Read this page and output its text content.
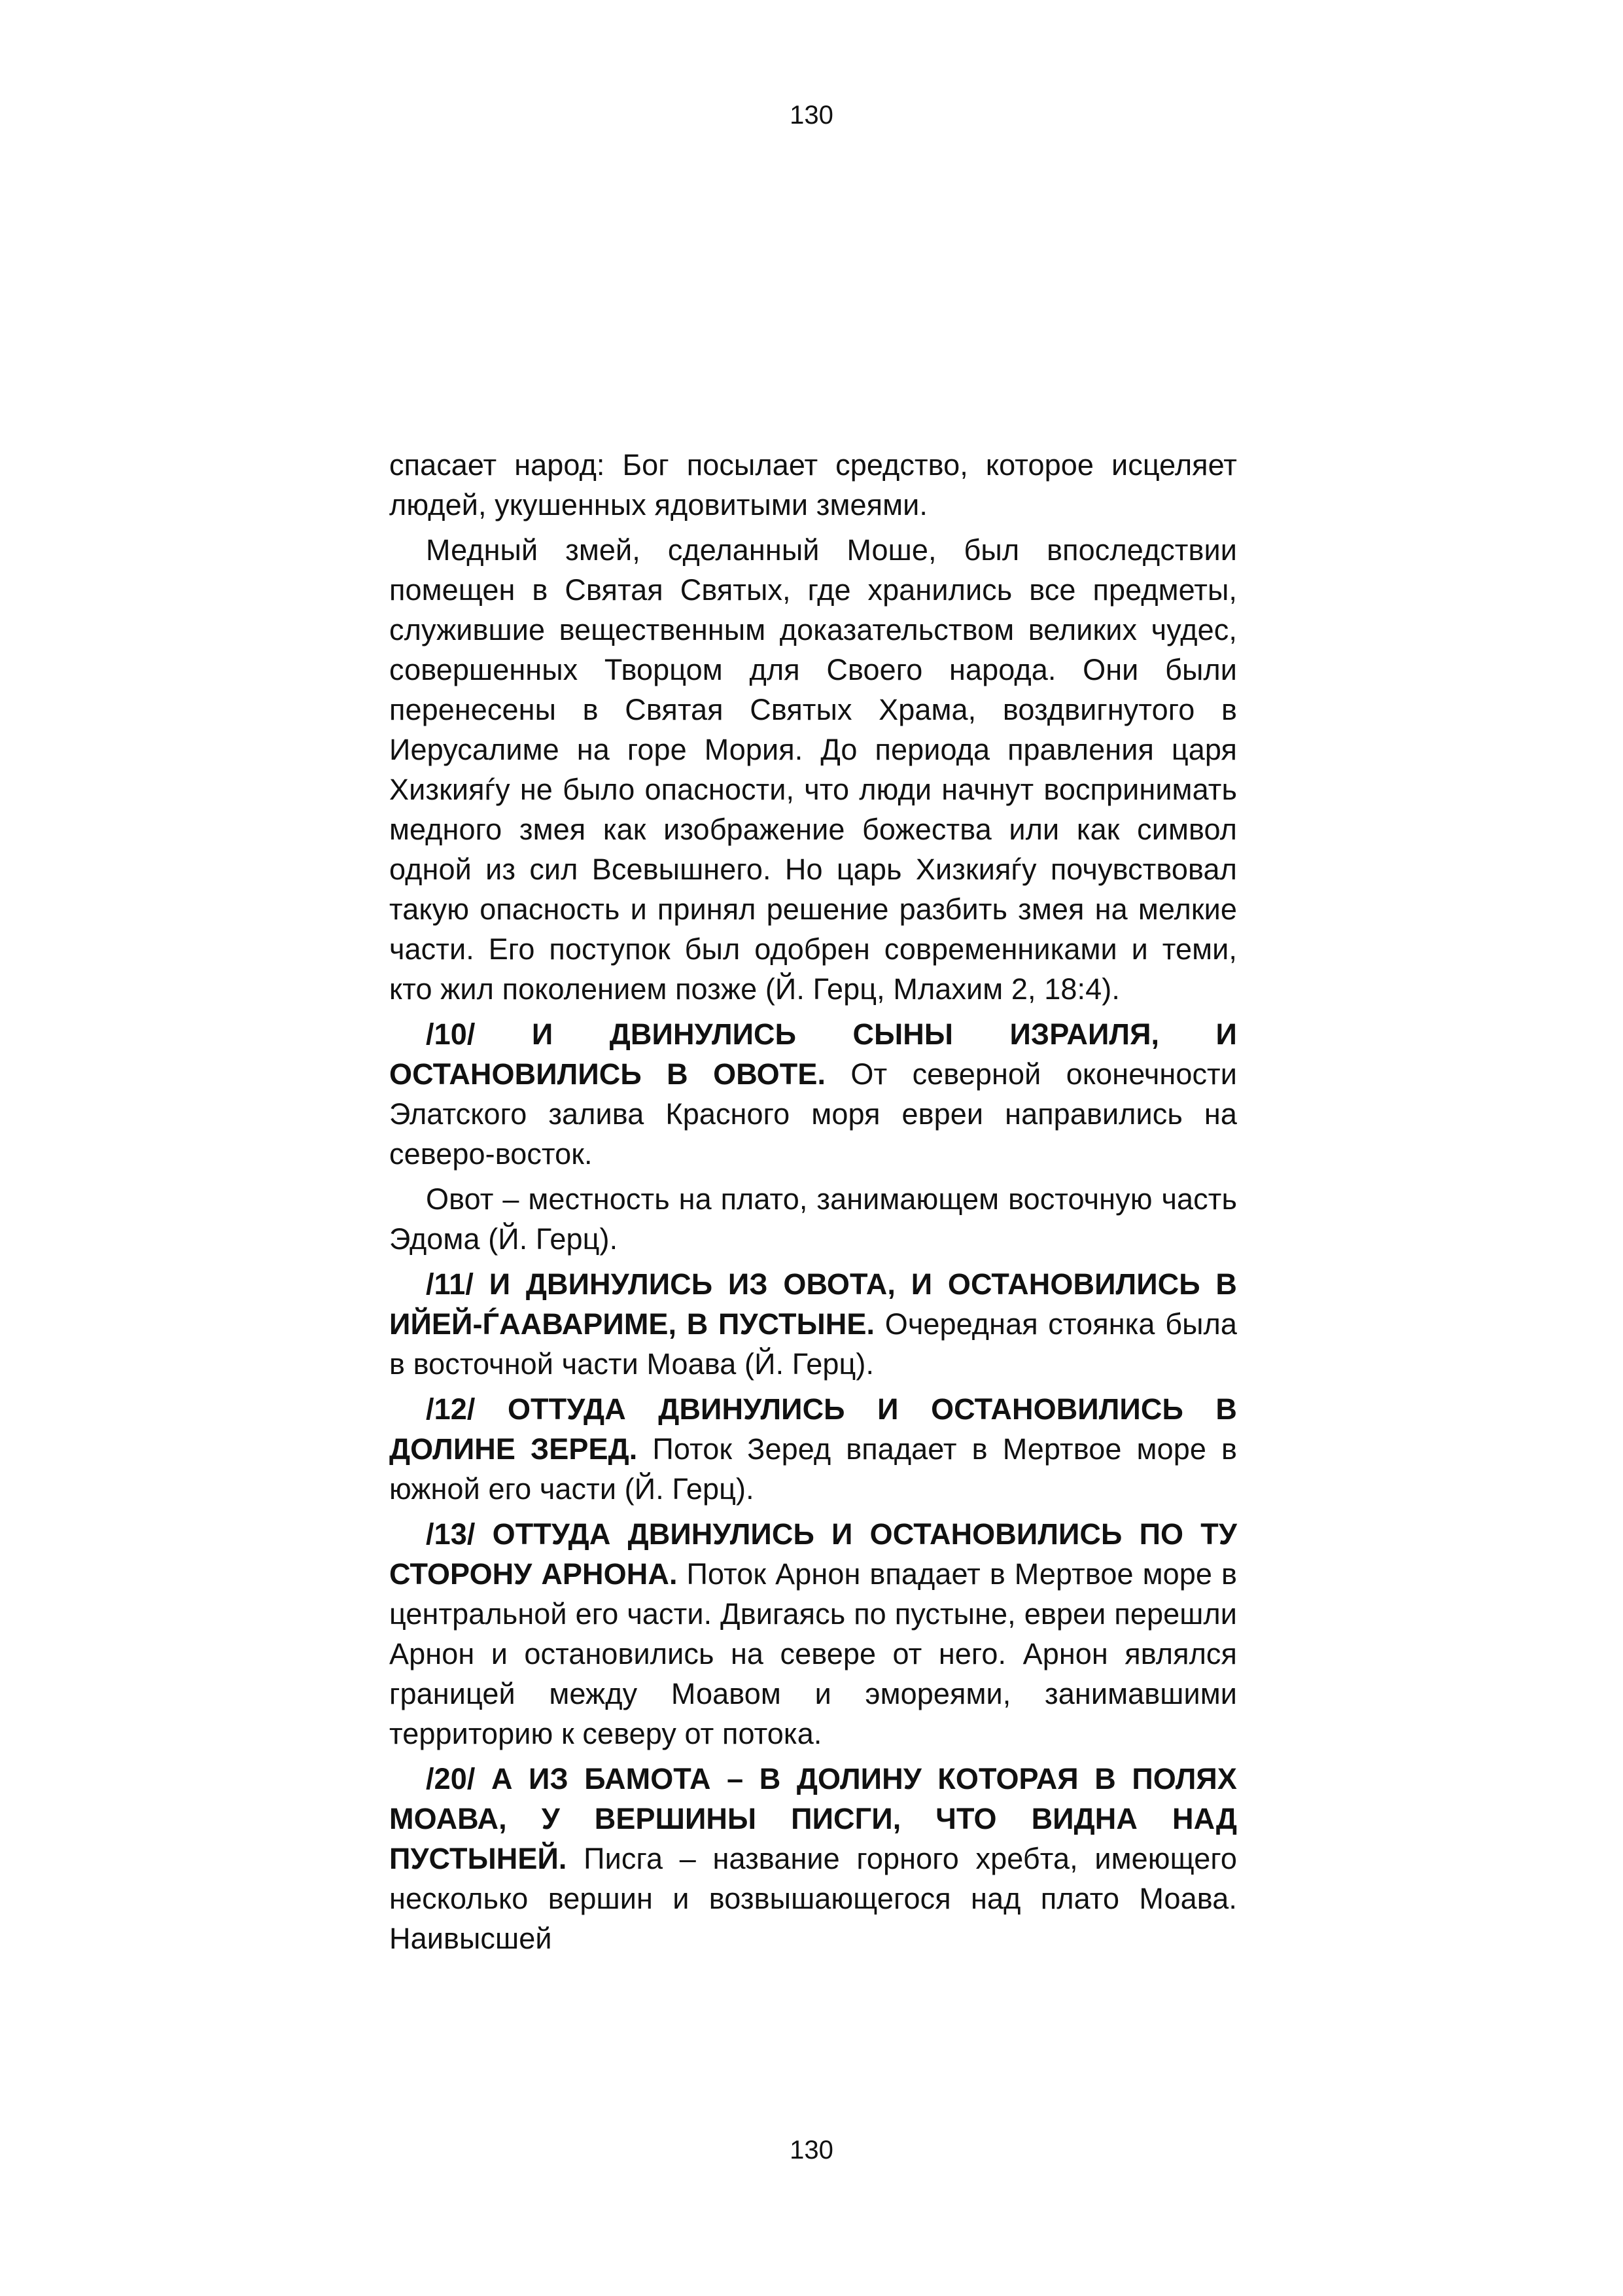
130

спасает народ: Бог посылает средство, которое исцеляет людей, укушенных ядовитыми змеями.

Медный змей, сделанный Моше, был впоследствии помещен в Святая Святых, где хранились все предметы, служившие вещественным доказательством великих чудес, совершенных Творцом для Своего народа. Они были перенесены в Святая Святых Храма, воздвигнутого в Иерусалиме на горе Мория. До периода правления царя Хизкияѓу не было опасности, что люди начнут воспринимать медного змея как изображение божества или как символ одной из сил Всевышнего. Но царь Хизкияѓу почувствовал такую опасность и принял решение разбить змея на мелкие части. Его поступок был одобрен современниками и теми, кто жил поколением позже (Й. Герц, Млахим 2, 18:4).

/10/ И ДВИНУЛИСЬ СЫНЫ ИЗРАИЛЯ, И ОСТАНОВИЛИСЬ В ОВОТЕ. От северной оконечности Элатского залива Красного моря евреи направились на северо-восток.

Овот – местность на плато, занимающем восточную часть Эдома (Й. Герц).

/11/ И ДВИНУЛИСЬ ИЗ ОВОТА, И ОСТАНОВИЛИСЬ В ИЙЕЙ-ЃААВАРИМЕ, В ПУСТЫНЕ. Очередная стоянка была в восточной части Моава (Й. Герц).

/12/ ОТТУДА ДВИНУЛИСЬ И ОСТАНОВИЛИСЬ В ДОЛИНЕ ЗЕРЕД. Поток Зеред впадает в Мертвое море в южной его части (Й. Герц).

/13/ ОТТУДА ДВИНУЛИСЬ И ОСТАНОВИЛИСЬ ПО ТУ СТОРОНУ АРНОНА. Поток Арнон впадает в Мертвое море в центральной его части. Двигаясь по пустыне, евреи перешли Арнон и остановились на севере от него. Арнон являлся границей между Моавом и эмореями, занимавшими территорию к северу от потока.

/20/ А ИЗ БАМОТА – В ДОЛИНУ КОТОРАЯ В ПОЛЯХ МОАВА, У ВЕРШИНЫ ПИСГИ, ЧТО ВИДНА НАД ПУСТЫНЕЙ. Писга – название горного хребта, имеющего несколько вершин и возвышающегося над плато Моава. Наивысшей

130
